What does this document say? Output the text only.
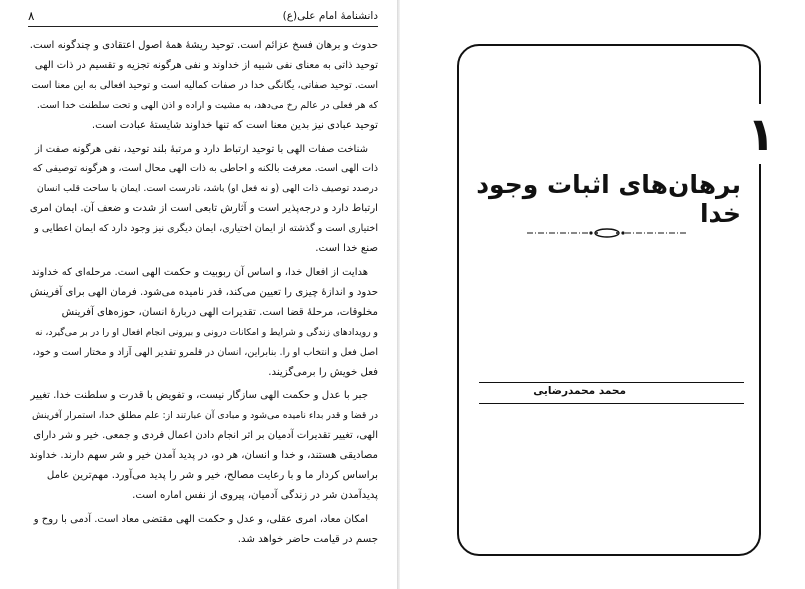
دانشنامهٔ امام علی(ع)
۸
حدوث و برهان فسخ عزائم است. توحید ریشهٔ همهٔ اصول اعتقادی و چندگونه است.
توحید ذاتی به معنای نفی شبیه از خداوند و نفی هرگونه تجزیه و تقسیم در ذات الهی
است. توحید صفاتی، یگانگی خدا در صفات کمالیه است و توحید افعالی به این معنا است
که هر فعلی در عالم رخ می‌دهد، به مشیت و اراده و اذن الهی و تحت سلطنت خدا است.
توحید عبادی نیز بدین معنا است که تنها خداوند شایستهٔ عبادت است.
شناخت صفات الهی با توحید ارتباط دارد و مرتبهٔ بلند توحید، نفی هرگونه صفت از
ذات الهی است. معرفت بالکنه و احاطی به ذات الهی محال است، و هرگونه توصیفی که
درصدد توصیف ذات الهی (و نه فعل او) باشد، نادرست است. ایمان با ساحت قلب انسان
ارتباط دارد و درجه‌پذیر است و آثارش تابعی است از شدت و ضعف آن. ایمان امری
اختیاری است و گذشته از ایمان اختیاری، ایمان دیگری نیز وجود دارد که ایمان اعطایی و
صنع خدا است.
هدایت از افعال خدا، و اساس آن ربوبیت و حکمت الهی است. مرحله‌ای که خداوند
حدود و اندازهٔ چیزی را تعیین می‌کند، قدر نامیده می‌شود. فرمان الهی برای آفرینش
مخلوقات، مرحلهٔ قضا است. تقدیرات الهی دربارهٔ انسان، حوزه‌های آفرینش
و رویدادهای زندگی و شرایط و امکانات درونی و بیرونی انجام افعال او را در بر می‌گیرد، نه
اصل فعل و انتخاب او را. بنابراین، انسان در قلمرو تقدیر الهی آزاد و مختار است و خود،
فعل خویش را برمی‌گزیند.
جبر با عدل و حکمت الهی سازگار نیست، و تفویض با قدرت و سلطنت خدا. تغییر
در قضا و قدر بداء نامیده می‌شود و مبادی آن عبارتند از: علم مطلق خدا، استمرار آفرینش
الهی، تغییر تقدیرات آدمیان بر اثر انجام دادن اعمال فردی و جمعی. خیر و شر دارای
مصادیقی هستند، و خدا و انسان، هر دو، در پدید آمدن خیر و شر سهم دارند. خداوند
براساس کردار ما و با رعایت مصالح، خیر و شر را پدید می‌آورد. مهم‌ترین عامل
پدیدآمدن شر در زندگی آدمیان، پیروی از نفس اماره است.
امکان معاد، امری عقلی، و عدل و حکمت الهی مقتضی معاد است. آدمی با روح و
جسم در قیامت حاضر خواهد شد.
۱
برهان‌های اثبات وجود خدا
محمد محمدرضایی
